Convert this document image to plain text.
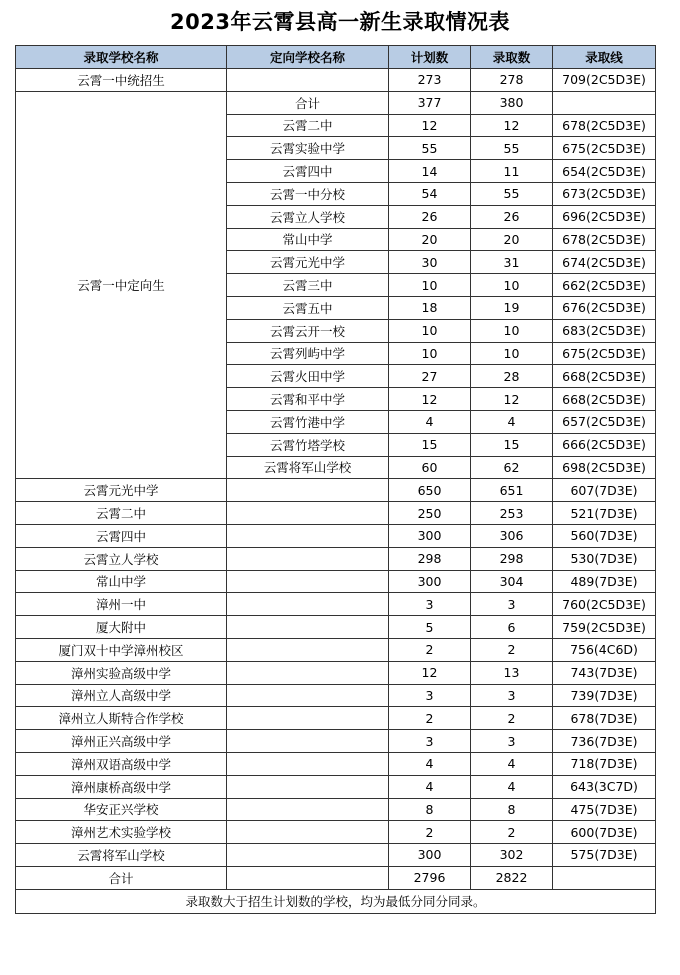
2023年云霄县高一新生录取情况表
录取学校名称	定向学校名称	计划数	录取数	录取线
云霄一中统招生		273	278	709(2C5D3E)
云霄一中定向生	合计	377	380	
	云霄二中	12	12	678(2C5D3E)
	云霄实验中学	55	55	675(2C5D3E)
	云霄四中	14	11	654(2C5D3E)
	云霄一中分校	54	55	673(2C5D3E)
	云霄立人学校	26	26	696(2C5D3E)
	常山中学	20	20	678(2C5D3E)
	云霄元光中学	30	31	674(2C5D3E)
	云霄三中	10	10	662(2C5D3E)
	云霄五中	18	19	676(2C5D3E)
	云霄云开一校	10	10	683(2C5D3E)
	云霄列屿中学	10	10	675(2C5D3E)
	云霄火田中学	27	28	668(2C5D3E)
	云霄和平中学	12	12	668(2C5D3E)
	云霄竹港中学	4	4	657(2C5D3E)
	云霄竹塔学校	15	15	666(2C5D3E)
	云霄将军山学校	60	62	698(2C5D3E)
云霄元光中学		650	651	607(7D3E)
云霄二中		250	253	521(7D3E)
云霄四中		300	306	560(7D3E)
云霄立人学校		298	298	530(7D3E)
常山中学		300	304	489(7D3E)
漳州一中		3	3	760(2C5D3E)
厦大附中		5	6	759(2C5D3E)
厦门双十中学漳州校区		2	2	756(4C6D)
漳州实验高级中学		12	13	743(7D3E)
漳州立人高级中学		3	3	739(7D3E)
漳州立人斯特合作学校		2	2	678(7D3E)
漳州正兴高级中学		3	3	736(7D3E)
漳州双语高级中学		4	4	718(7D3E)
漳州康桥高级中学		4	4	643(3C7D)
华安正兴学校		8	8	475(7D3E)
漳州艺术实验学校		2	2	600(7D3E)
云霄将军山学校		300	302	575(7D3E)
合计		2796	2822	
录取数大于招生计划数的学校，均为最低分同分同录。				
